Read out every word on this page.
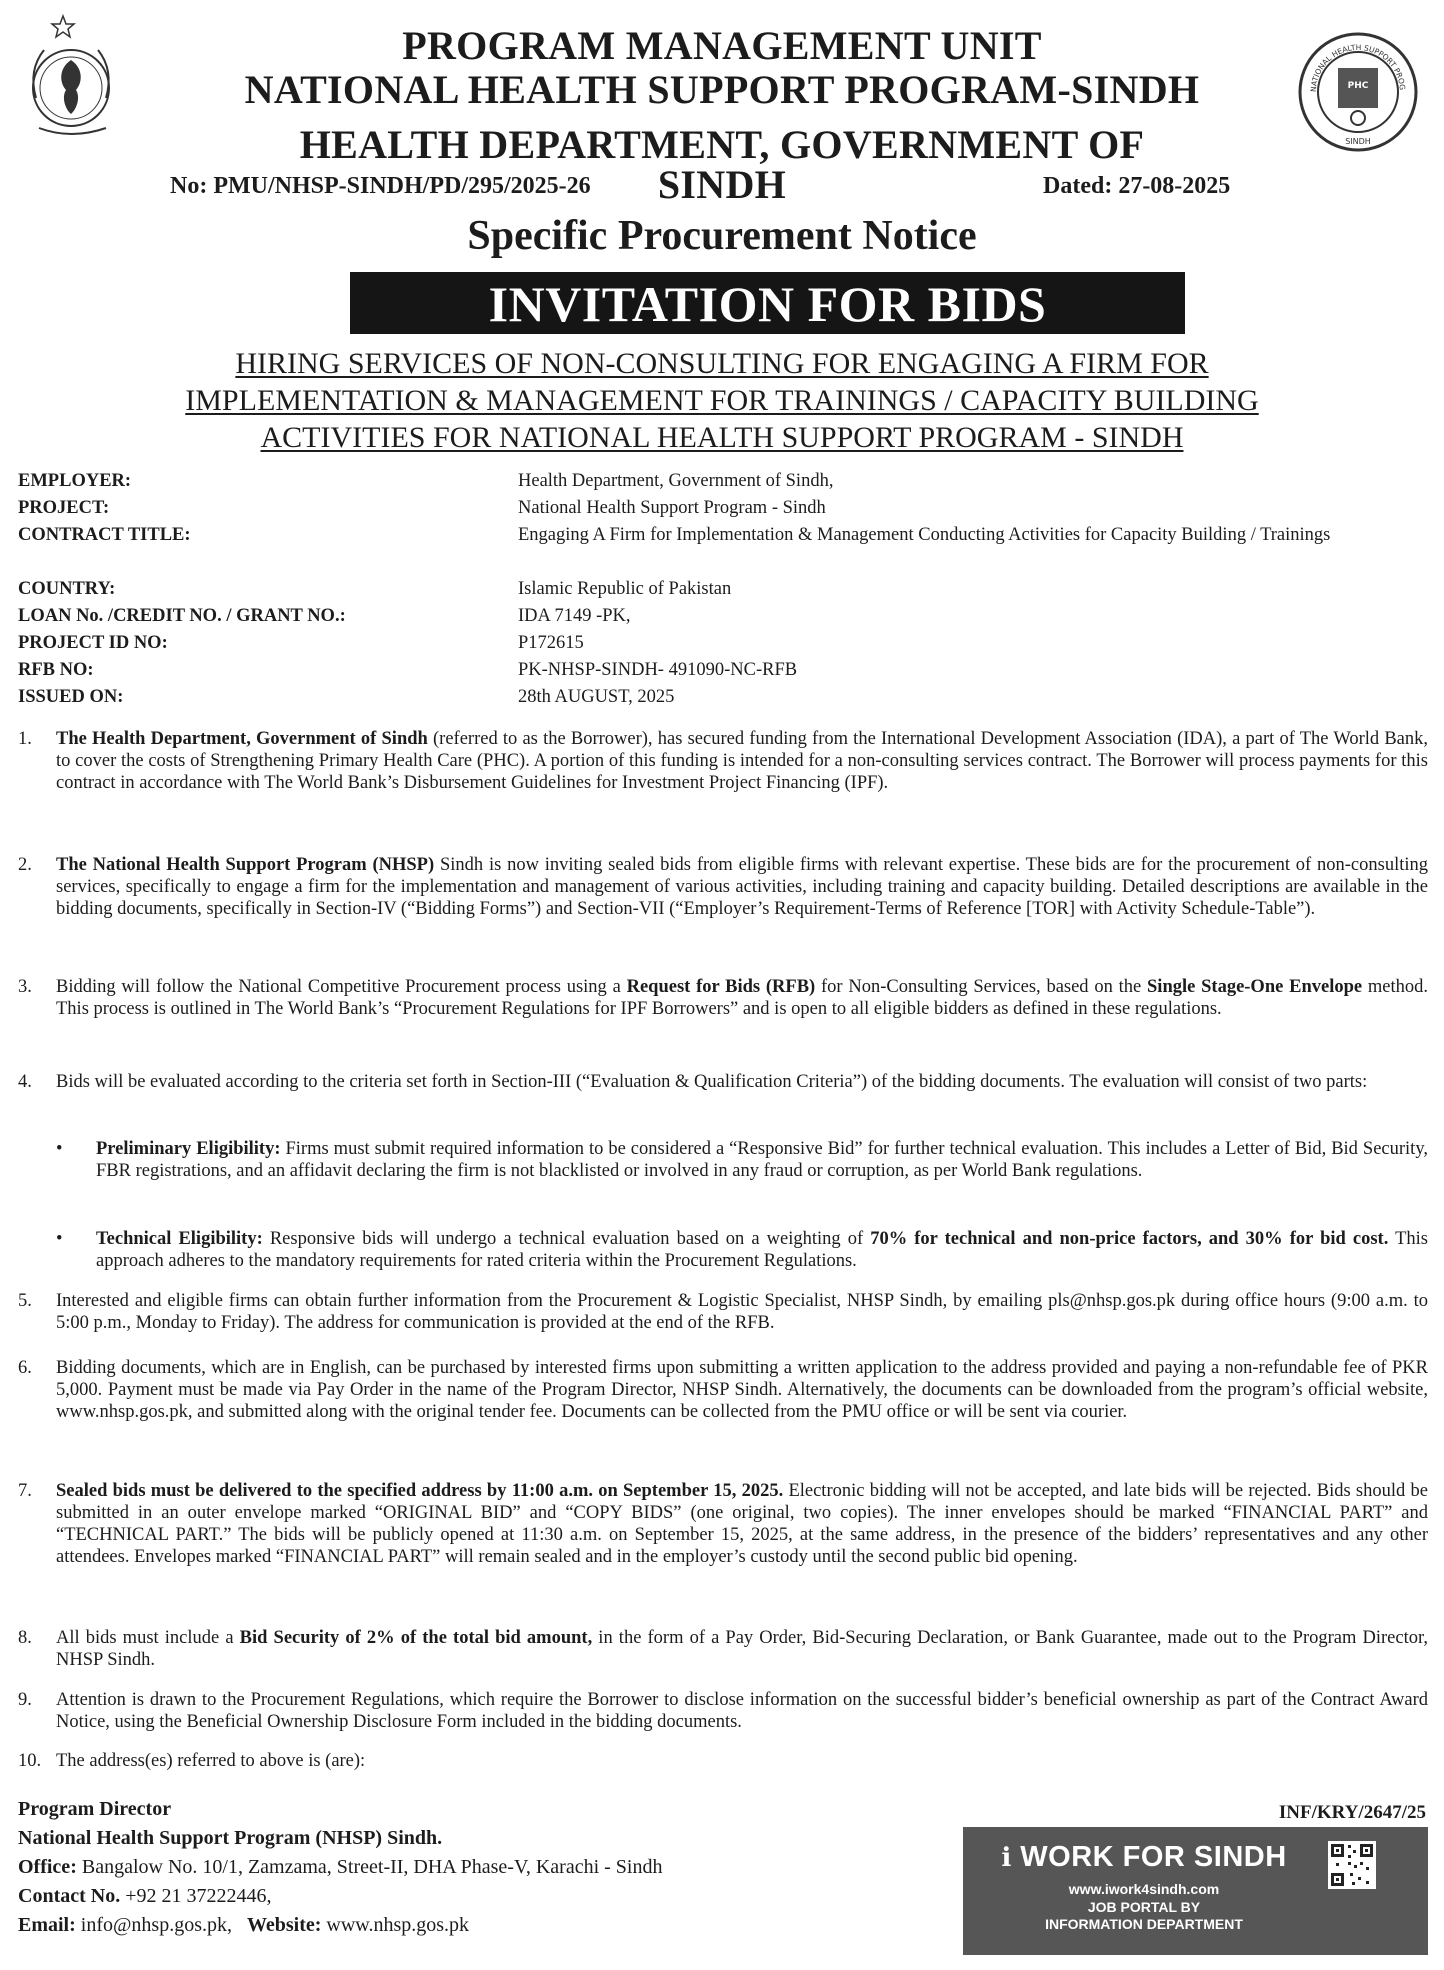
PROGRAM MANAGEMENT UNIT
NATIONAL HEALTH SUPPORT PROGRAM-SINDH
HEALTH DEPARTMENT, GOVERNMENT OF SINDH
NATIONAL HEALTH SUPPORT PROG
PHC
SINDH
No: PMU/NHSP-SINDH/PD/295/2025-26	Dated: 27-08-2025
Specific Procurement Notice
INVITATION FOR BIDS
HIRING SERVICES OF NON-CONSULTING FOR ENGAGING A FIRM FOR
IMPLEMENTATION & MANAGEMENT FOR TRAININGS / CAPACITY BUILDING
ACTIVITIES FOR NATIONAL HEALTH SUPPORT PROGRAM - SINDH
EMPLOYER:	Health Department, Government of Sindh,
PROJECT:	National Health Support Program - Sindh
CONTRACT TITLE:	Engaging A Firm for Implementation & Management Conducting Activities for Capacity Building / Trainings
COUNTRY:	Islamic Republic of Pakistan
LOAN No. /CREDIT NO. / GRANT NO.:	IDA 7149 -PK,
PROJECT ID NO:	P172615
RFB NO:	PK-NHSP-SINDH- 491090-NC-RFB
ISSUED ON:	28th AUGUST, 2025
1.	The Health Department, Government of Sindh (referred to as the Borrower), has secured funding from the International Development Association (IDA), a part of The World Bank, to cover the costs of Strengthening Primary Health Care (PHC). A portion of this funding is intended for a non-consulting services contract. The Borrower will process payments for this contract in accordance with The World Bank’s Disbursement Guidelines for Investment Project Financing (IPF).
2.	The National Health Support Program (NHSP) Sindh is now inviting sealed bids from eligible firms with relevant expertise. These bids are for the procurement of non-consulting services, specifically to engage a firm for the implementation and management of various activities, including training and capacity building. Detailed descriptions are available in the bidding documents, specifically in Section-IV (“Bidding Forms”) and Section-VII (“Employer’s Requirement-Terms of Reference [TOR] with Activity Schedule-Table”).
3.	Bidding will follow the National Competitive Procurement process using a Request for Bids (RFB) for Non-Consulting Services, based on the Single Stage-One Envelope method. This process is outlined in The World Bank’s “Procurement Regulations for IPF Borrowers” and is open to all eligible bidders as defined in these regulations.
4.	Bids will be evaluated according to the criteria set forth in Section-III (“Evaluation & Qualification Criteria”) of the bidding documents. The evaluation will consist of two parts:
• Preliminary Eligibility: Firms must submit required information to be considered a “Responsive Bid” for further technical evaluation. This includes a Letter of Bid, Bid Security, FBR registrations, and an affidavit declaring the firm is not blacklisted or involved in any fraud or corruption, as per World Bank regulations.
• Technical Eligibility: Responsive bids will undergo a technical evaluation based on a weighting of 70% for technical and non-price factors, and 30% for bid cost. This approach adheres to the mandatory requirements for rated criteria within the Procurement Regulations.
5.	Interested and eligible firms can obtain further information from the Procurement & Logistic Specialist, NHSP Sindh, by emailing pls@nhsp.gos.pk during office hours (9:00 a.m. to 5:00 p.m., Monday to Friday). The address for communication is provided at the end of the RFB.
6.	Bidding documents, which are in English, can be purchased by interested firms upon submitting a written application to the address provided and paying a non-refundable fee of PKR 5,000. Payment must be made via Pay Order in the name of the Program Director, NHSP Sindh. Alternatively, the documents can be downloaded from the program’s official website, www.nhsp.gos.pk, and submitted along with the original tender fee. Documents can be collected from the PMU office or will be sent via courier.
7.	Sealed bids must be delivered to the specified address by 11:00 a.m. on September 15, 2025. Electronic bidding will not be accepted, and late bids will be rejected. Bids should be submitted in an outer envelope marked “ORIGINAL BID” and “COPY BIDS” (one original, two copies). The inner envelopes should be marked “FINANCIAL PART” and “TECHNICAL PART.” The bids will be publicly opened at 11:30 a.m. on September 15, 2025, at the same address, in the presence of the bidders’ representatives and any other attendees. Envelopes marked “FINANCIAL PART” will remain sealed and in the employer’s custody until the second public bid opening.
8.	All bids must include a Bid Security of 2% of the total bid amount, in the form of a Pay Order, Bid-Securing Declaration, or Bank Guarantee, made out to the Program Director, NHSP Sindh.
9.	Attention is drawn to the Procurement Regulations, which require the Borrower to disclose information on the successful bidder’s beneficial ownership as part of the Contract Award Notice, using the Beneficial Ownership Disclosure Form included in the bidding documents.
10. The address(es) referred to above is (are):
Program Director
National Health Support Program (NHSP) Sindh.
Office: Bangalow No. 10/1, Zamzama, Street-II, DHA Phase-V, Karachi - Sindh
Contact No. +92 21 37222446,
Email: info@nhsp.gos.pk, Website: www.nhsp.gos.pk
INF/KRY/2647/25
ℹ WORK FOR SINDH
www.iwork4sindh.com
JOB PORTAL BY
INFORMATION DEPARTMENT
